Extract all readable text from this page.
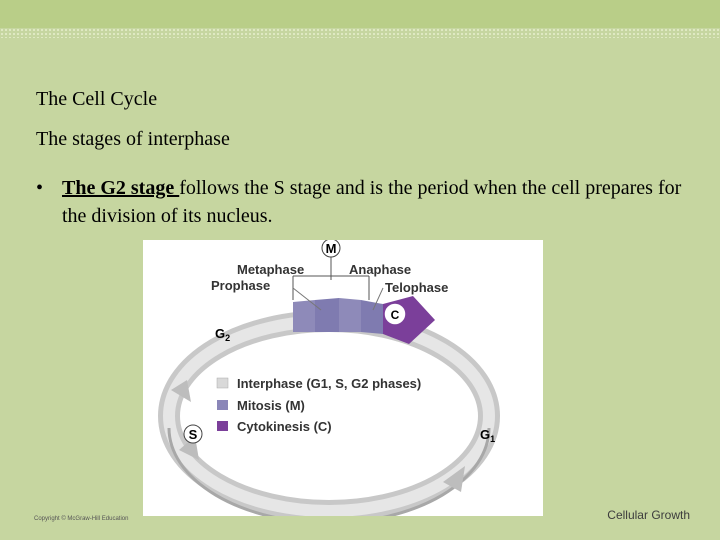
The Cell Cycle
The stages of interphase
• The G2 stage follows the S stage and is the period when the cell prepares for the division of its nucleus.
C
M
Metaphase	Anaphase
Prophase	Telophase
$G_2$
S	$G_1$
Interphase (G1, S, G2 phases)
Mitosis (M)
Cytokinesis (C)
Copyright © McGraw-Hill Education	Cellular Growth
